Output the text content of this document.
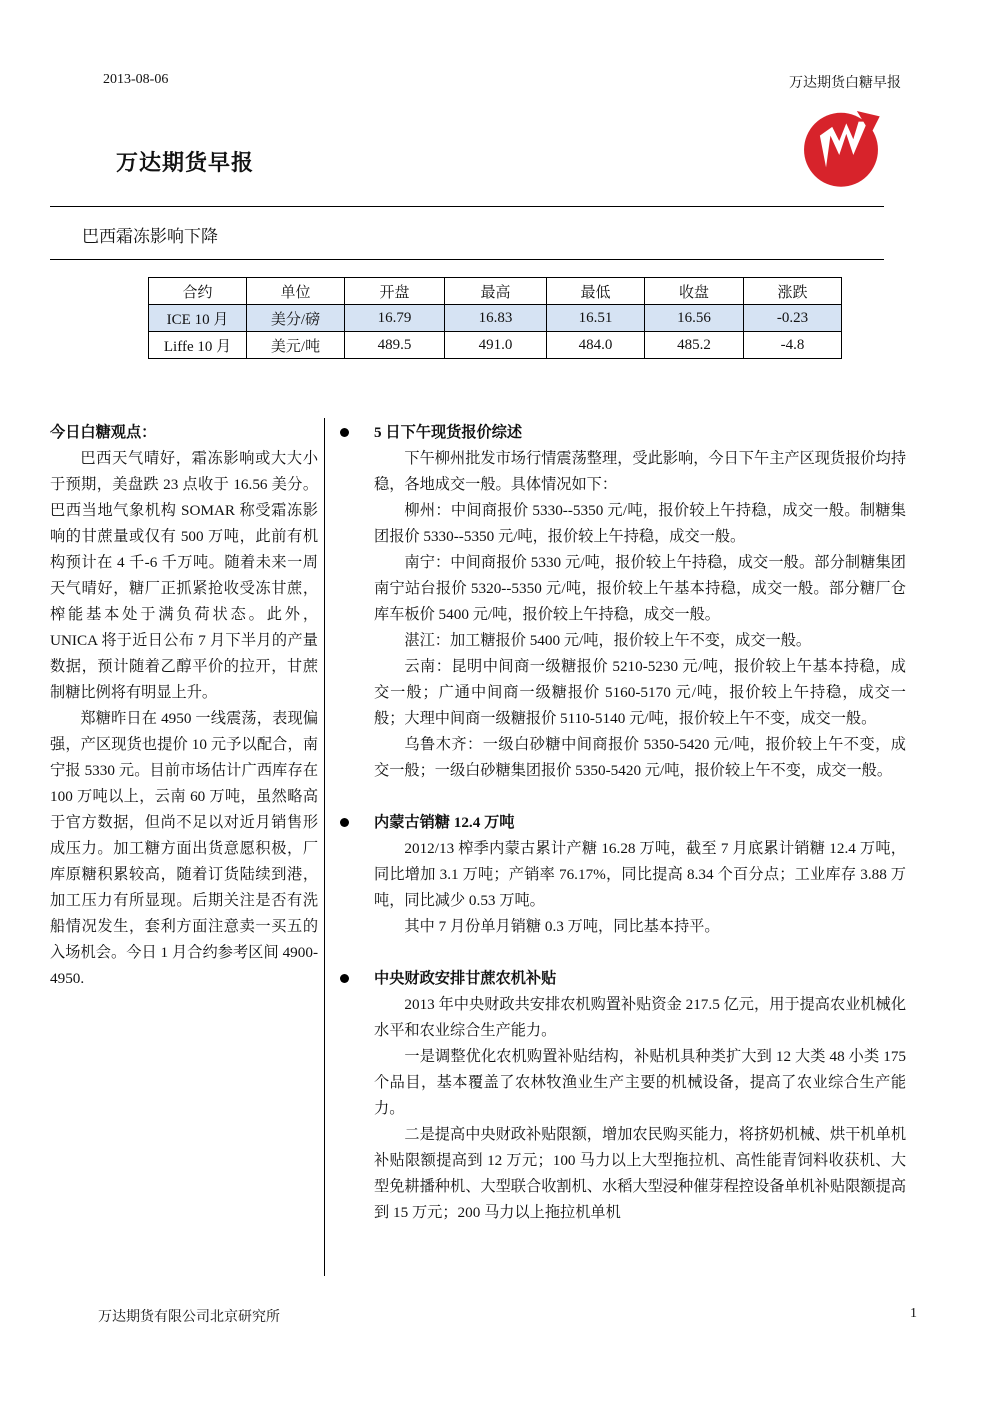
2013-08-06	万达期货白糖早报
万达期货早报
巴西霜冻影响下降
合约	单位	开盘	最高	最低	收盘	涨跌
ICE 10 月	美分/磅	16.79	16.83	16.51	16.56	-0.23
Liffe 10 月	美元/吨	489.5	491.0	484.0	485.2	-4.8
今日白糖观点：

巴西天气晴好，霜冻影响或大大小于预期，美盘跌 23 点收于 16.56 美分。巴西当地气象机构 SOMAR 称受霜冻影响的甘蔗量或仅有 500 万吨，此前有机构预计在 4 千-6 千万吨。随着未来一周天气晴好，糖厂正抓紧抢收受冻甘蔗，榨能基本处于满负荷状态。此外，UNICA 将于近日公布 7 月下半月的产量数据，预计随着乙醇平价的拉开，甘蔗制糖比例将有明显上升。

郑糖昨日在 4950 一线震荡，表现偏强，产区现货也提价 10 元予以配合，南宁报 5330 元。目前市场估计广西库存在 100 万吨以上，云南 60 万吨，虽然略高于官方数据，但尚不足以对近月销售形成压力。加工糖方面出货意愿积极，厂库原糖积累较高，随着订货陆续到港，加工压力有所显现。后期关注是否有洗船情况发生，套利方面注意卖一买五的入场机会。今日 1 月合约参考区间 4900-4950.

5 日下午现货报价综述

下午柳州批发市场行情震荡整理，受此影响，今日下午主产区现货报价均持稳，各地成交一般。具体情况如下：

柳州：中间商报价 5330--5350 元/吨，报价较上午持稳，成交一般。制糖集团报价 5330--5350 元/吨，报价较上午持稳，成交一般。

南宁：中间商报价 5330 元/吨，报价较上午持稳，成交一般。部分制糖集团南宁站台报价 5320--5350 元/吨，报价较上午基本持稳，成交一般。部分糖厂仓库车板价 5400 元/吨，报价较上午持稳，成交一般。

湛江：加工糖报价 5400 元/吨，报价较上午不变，成交一般。

云南：昆明中间商一级糖报价 5210-5230 元/吨，报价较上午基本持稳，成交一般；广通中间商一级糖报价 5160-5170 元/吨，报价较上午持稳，成交一般；大理中间商一级糖报价 5110-5140 元/吨，报价较上午不变，成交一般。

乌鲁木齐：一级白砂糖中间商报价 5350-5420 元/吨，报价较上午不变，成交一般；一级白砂糖集团报价 5350-5420 元/吨，报价较上午不变，成交一般。

内蒙古销糖 12.4 万吨

2012/13 榨季内蒙古累计产糖 16.28 万吨，截至 7 月底累计销糖 12.4 万吨，同比增加 3.1 万吨；产销率 76.17%，同比提高 8.34 个百分点；工业库存 3.88 万吨，同比减少 0.53 万吨。

其中 7 月份单月销糖 0.3 万吨，同比基本持平。

中央财政安排甘蔗农机补贴

2013 年中央财政共安排农机购置补贴资金 217.5 亿元，用于提高农业机械化水平和农业综合生产能力。

一是调整优化农机购置补贴结构，补贴机具种类扩大到 12 大类 48 小类 175 个品目，基本覆盖了农林牧渔业生产主要的机械设备，提高了农业综合生产能力。

二是提高中央财政补贴限额，增加农民购买能力，将挤奶机械、烘干机单机补贴限额提高到 12 万元；100 马力以上大型拖拉机、高性能青饲料收获机、大型免耕播种机、大型联合收割机、水稻大型浸种催芽程控设备单机补贴限额提高到 15 万元；200 马力以上拖拉机单机

万达期货有限公司北京研究所	1
